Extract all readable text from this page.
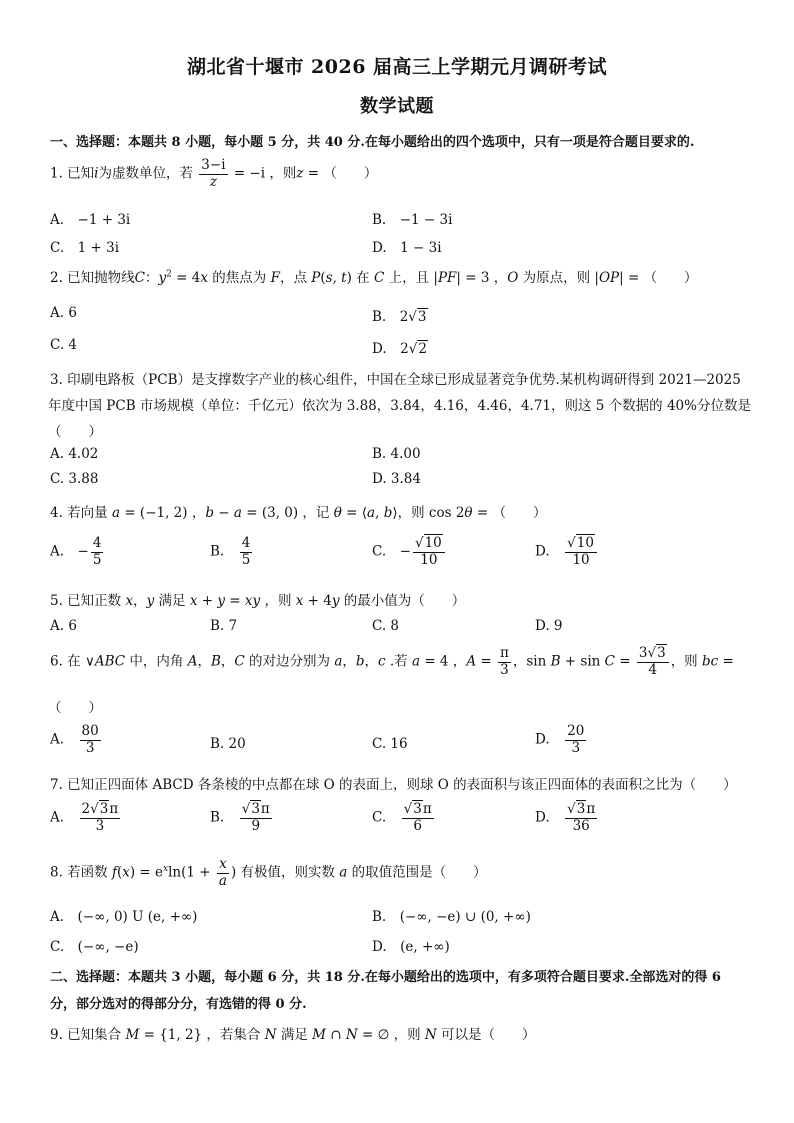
湖北省十堰市 2026 届高三上学期元月调研考试
数学试题
一、选择题：本题共 8 小题，每小题 5 分，共 40 分.在每小题给出的四个选项中，只有一项是符合题目要求的.
1. 已知i为虚数单位，若 $\frac{3-i}{z} = -i$ ，则z = （　　）
A.　−1 + 3i	B.　−1 − 3i
C.　1 + 3i	D.　1 − 3i
2. 已知抛物线C：$y^2 = 4x$ 的焦点为 F，点 P(s, t) 在 C 上，且 |PF| = 3 ，O 为原点，则 |OP| = （　　）
A. 6	B.　2√3
C. 4	D.　2√2
3. 印刷电路板（PCB）是支撑数字产业的核心组件，中国在全球已形成显著竞争优势.某机构调研得到 2021—2025
年度中国 PCB 市场规模（单位：千亿元）依次为 3.88，3.84，4.16，4.46，4.71，则这 5 个数据的 40%分位数是
（　　）
A. 4.02	B. 4.00
C. 3.88	D. 3.84
4. 若向量 a = (−1, 2) ，b − a = (3, 0) ，记 θ = ⟨a, b⟩，则 cos 2θ = （　　）
A.　− $\frac{4}{5}$	B.　 $\frac{4}{5}$	C.　− $\frac{√10}{10}$	D.　 $\frac{√10}{10}$
5. 已知正数 x，y 满足 x + y = xy ，则 x + 4y 的最小值为（　　）
A. 6	B. 7	C. 8	D. 9
6. 在 ∨ABC 中，内角 A，B，C 的对边分别为 a，b，c .若 a = 4 ，$A = \frac{\pi}{3}$ ，$\sin B + \sin C = \frac{3√3}{4}$ ，则 bc =
（　　）
A.　 $\frac{80}{3}$	B. 20	C. 16	D.　 $\frac{20}{3}$
7. 已知正四面体 ABCD 各条棱的中点都在球 O 的表面上，则球 O 的表面积与该正四面体的表面积之比为（　　）
A.　 $\frac{2√3\pi}{3}$	B.　 $\frac{√3\pi}{9}$	C.　 $\frac{√3\pi}{6}$	D.　 $\frac{√3\pi}{36}$
8. 若函数 $f(x) = e^x\ln(1 + \frac{x}{a}$ ) 有极值，则实数 a 的取值范围是（　　）
A.　(−∞, 0) U (e, +∞)	B.　(−∞, −e) ∪ (0, +∞)
C.　(−∞, −e)	D.　(e, +∞)
二、选择题：本题共 3 小题，每小题 6 分，共 18 分.在每小题给出的选项中，有多项符合题目要求.全部选对的得 6 分，部分选对的得部分分，有选错的得 0 分.
9. 已知集合 M = {1, 2} ，若集合 N 满足 M ∩ N = ∅ ，则 N 可以是（　　）
